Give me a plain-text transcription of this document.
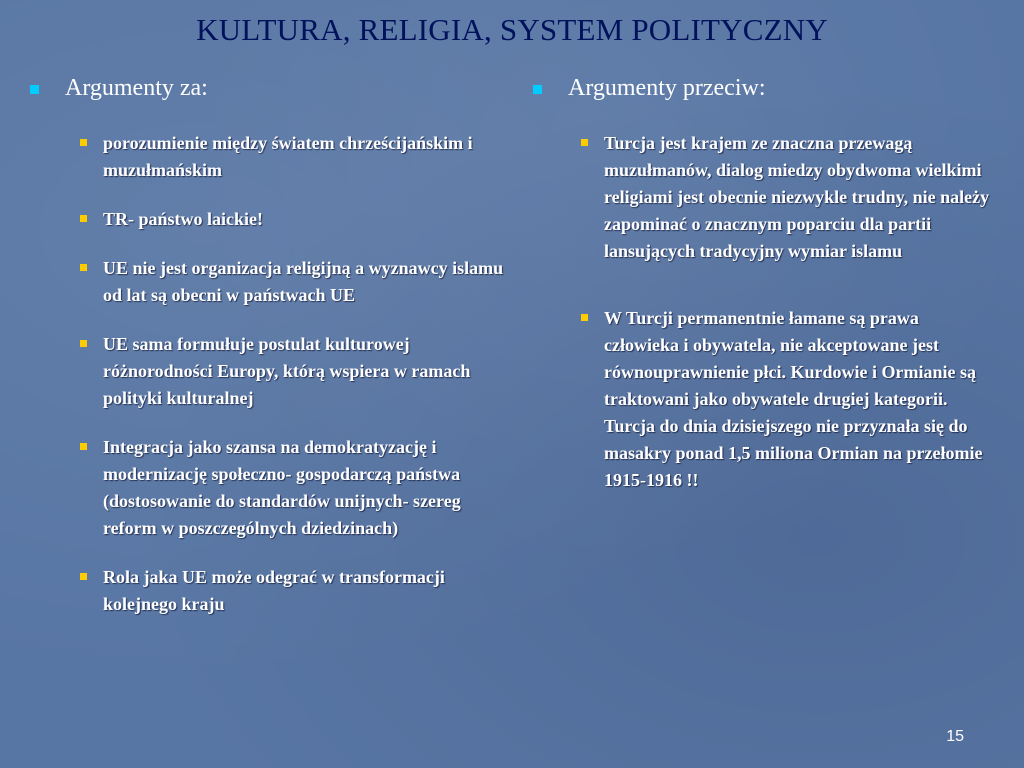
KULTURA, RELIGIA, SYSTEM POLITYCZNY
Argumenty za:
porozumienie między światem chrześcijańskim i muzułmańskim
TR- państwo laickie!
UE nie jest organizacja religijną a wyznawcy islamu od lat są obecni w państwach UE
UE sama formułuje postulat kulturowej różnorodności Europy, którą wspiera w ramach polityki kulturalnej
Integracja jako szansa na demokratyzację i modernizację społeczno- gospodarczą państwa (dostosowanie do standardów unijnych- szereg reform w poszczególnych dziedzinach)
Rola jaka UE może odegrać w transformacji kolejnego kraju
Argumenty przeciw:
Turcja jest krajem ze znaczna przewagą muzułmanów, dialog miedzy obydwoma wielkimi religiami jest obecnie niezwykle trudny, nie należy zapominać o znacznym poparciu dla partii lansujących tradycyjny wymiar islamu
W Turcji permanentnie łamane są prawa człowieka i obywatela, nie akceptowane jest równouprawnienie płci. Kurdowie i Ormianie są traktowani jako obywatele drugiej kategorii. Turcja do dnia dzisiejszego nie przyznała się do masakry ponad 1,5 miliona Ormian na przełomie 1915-1916 !!
15
